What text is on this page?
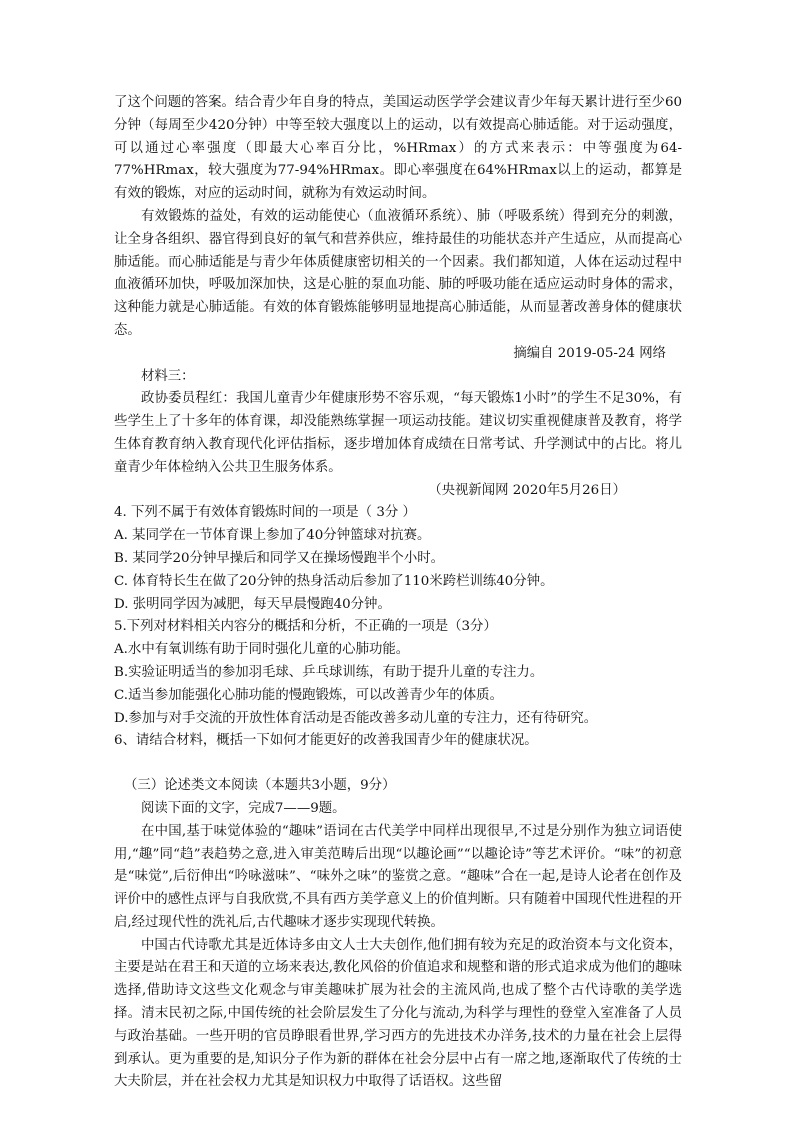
了这个问题的答案。结合青少年自身的特点，美国运动医学学会建议青少年每天累计进行至少60分钟（每周至少420分钟）中等至较大强度以上的运动，以有效提高心肺适能。对于运动强度，可以通过心率强度（即最大心率百分比，%HRmax）的方式来表示：中等强度为64-77%HRmax，较大强度为77-94%HRmax。即心率强度在64%HRmax以上的运动，都算是有效的锻炼，对应的运动时间，就称为有效运动时间。

有效锻炼的益处，有效的运动能使心（血液循环系统）、肺（呼吸系统）得到充分的刺激，让全身各组织、器官得到良好的氧气和营养供应，维持最佳的功能状态并产生适应，从而提高心肺适能。而心肺适能是与青少年体质健康密切相关的一个因素。我们都知道，人体在运动过程中血液循环加快，呼吸加深加快，这是心脏的泵血功能、肺的呼吸功能在适应运动时身体的需求，这种能力就是心肺适能。有效的体育锻炼能够明显地提高心肺适能，从而显著改善身体的健康状态。

摘编自 2019-05-24 网络

材料三：

政协委员程红：我国儿童青少年健康形势不容乐观，“每天锻炼1小时”的学生不足30%，有些学生上了十多年的体育课，却没能熟练掌握一项运动技能。建议切实重视健康普及教育，将学生体育教育纳入教育现代化评估指标，逐步增加体育成绩在日常考试、升学测试中的占比。将儿童青少年体检纳入公共卫生服务体系。

（央视新闻网 2020年5月26日）

4. 下列不属于有效体育锻炼时间的一项是（ 3分 ）

A. 某同学在一节体育课上参加了40分钟篮球对抗赛。

B. 某同学20分钟早操后和同学又在操场慢跑半个小时。

C. 体育特长生在做了20分钟的热身活动后参加了110米跨栏训练40分钟。

D. 张明同学因为减肥，每天早晨慢跑40分钟。

5.下列对材料相关内容分的概括和分析，不正确的一项是（3分）

A.水中有氧训练有助于同时强化儿童的心肺功能。

B.实验证明适当的参加羽毛球、乒乓球训练，有助于提升儿童的专注力。

C.适当参加能强化心肺功能的慢跑锻炼，可以改善青少年的体质。

D.参加与对手交流的开放性体育活动是否能改善多动儿童的专注力，还有待研究。

6、请结合材料，概括一下如何才能更好的改善我国青少年的健康状况。

（三）论述类文本阅读（本题共3小题，9分）

阅读下面的文字，完成7——9题。

在中国,基于味觉体验的“趣味”语词在古代美学中同样出现很早,不过是分别作为独立词语使用,“趣”同“趋”表趋势之意,进入审美范畴后出现“以趣论画”“以趣论诗”等艺术评价。“味”的初意是“味觉”,后衍伸出“吟咏滋味”、“味外之味”的鉴赏之意。“趣味”合在一起,是诗人论者在创作及评价中的感性点评与自我欣赏,不具有西方美学意义上的价值判断。只有随着中国现代性进程的开启,经过现代性的洗礼后,古代趣味才逐步实现现代转换。

中国古代诗歌尤其是近体诗多由文人士大夫创作,他们拥有较为充足的政治资本与文化资本，主要是站在君王和天道的立场来表达,教化风俗的价值追求和规整和谐的形式追求成为他们的趣味选择,借助诗文这些文化观念与审美趣味扩展为社会的主流风尚,也成了整个古代诗歌的美学选择。清末民初之际,中国传统的社会阶层发生了分化与流动,为科学与理性的登堂入室准备了人员与政治基础。一些开明的官员睁眼看世界,学习西方的先进技术办洋务,技术的力量在社会上层得到承认。更为重要的是,知识分子作为新的群体在社会分层中占有一席之地,逐渐取代了传统的士大夫阶层，并在社会权力尤其是知识权力中取得了话语权。这些留
